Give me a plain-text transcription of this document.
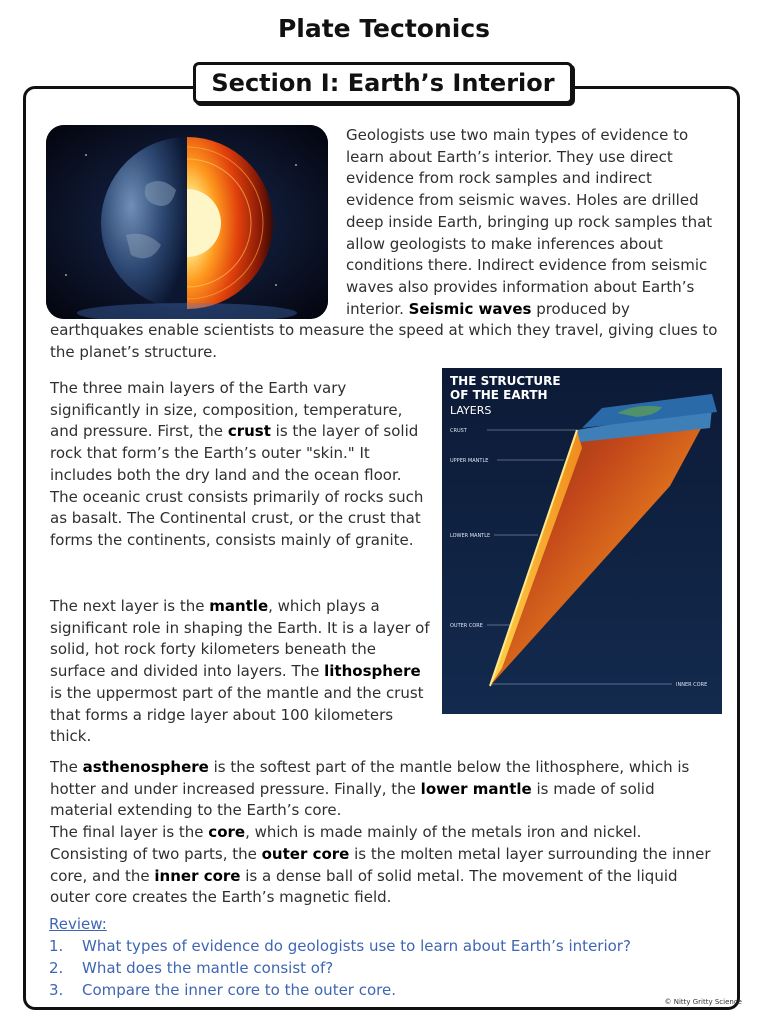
Plate Tectonics
Section I: Earth’s Interior
Geologists use two main types of evidence to learn about Earth’s interior. They use direct evidence from rock samples and indirect evidence from seismic waves. Holes are drilled deep inside Earth, bringing up rock samples that allow geologists to make inferences about conditions there. Indirect evidence from seismic waves also provides information about Earth’s interior. Seismic waves produced by earthquakes enable scientists to measure the speed at which they travel, giving clues to the planet’s structure.
The three main layers of the Earth vary significantly in size, composition, temperature, and pressure. First, the crust is the layer of solid rock that form’s the Earth’s outer "skin." It includes both the dry land and the ocean floor. The oceanic crust consists primarily of rocks such as basalt. The Continental crust, or the crust that forms the continents, consists mainly of granite.
The next layer is the mantle, which plays a significant role in shaping the Earth. It is a layer of solid, hot rock forty kilometers beneath the surface and divided into layers. The lithosphere is the uppermost part of the mantle and the crust that forms a ridge layer about 100 kilometers thick.
THE STRUCTURE
OF THE EARTH
LAYERS
CRUST
UPPER MANTLE
LOWER MANTLE
OUTER CORE
INNER CORE
The asthenosphere is the softest part of the mantle below the lithosphere, which is hotter and under increased pressure. Finally, the lower mantle is made of solid material extending to the Earth’s core.
The final layer is the core, which is made mainly of the metals iron and nickel. Consisting of two parts, the outer core is the molten metal layer surrounding the inner core, and the inner core is a dense ball of solid metal. The movement of the liquid outer core creates the Earth’s magnetic field.
Review:
1.	What types of evidence do geologists use to learn about Earth’s interior?
2.	What does the mantle consist of?
3.	Compare the inner core to the outer core.
© Nitty Gritty Science
